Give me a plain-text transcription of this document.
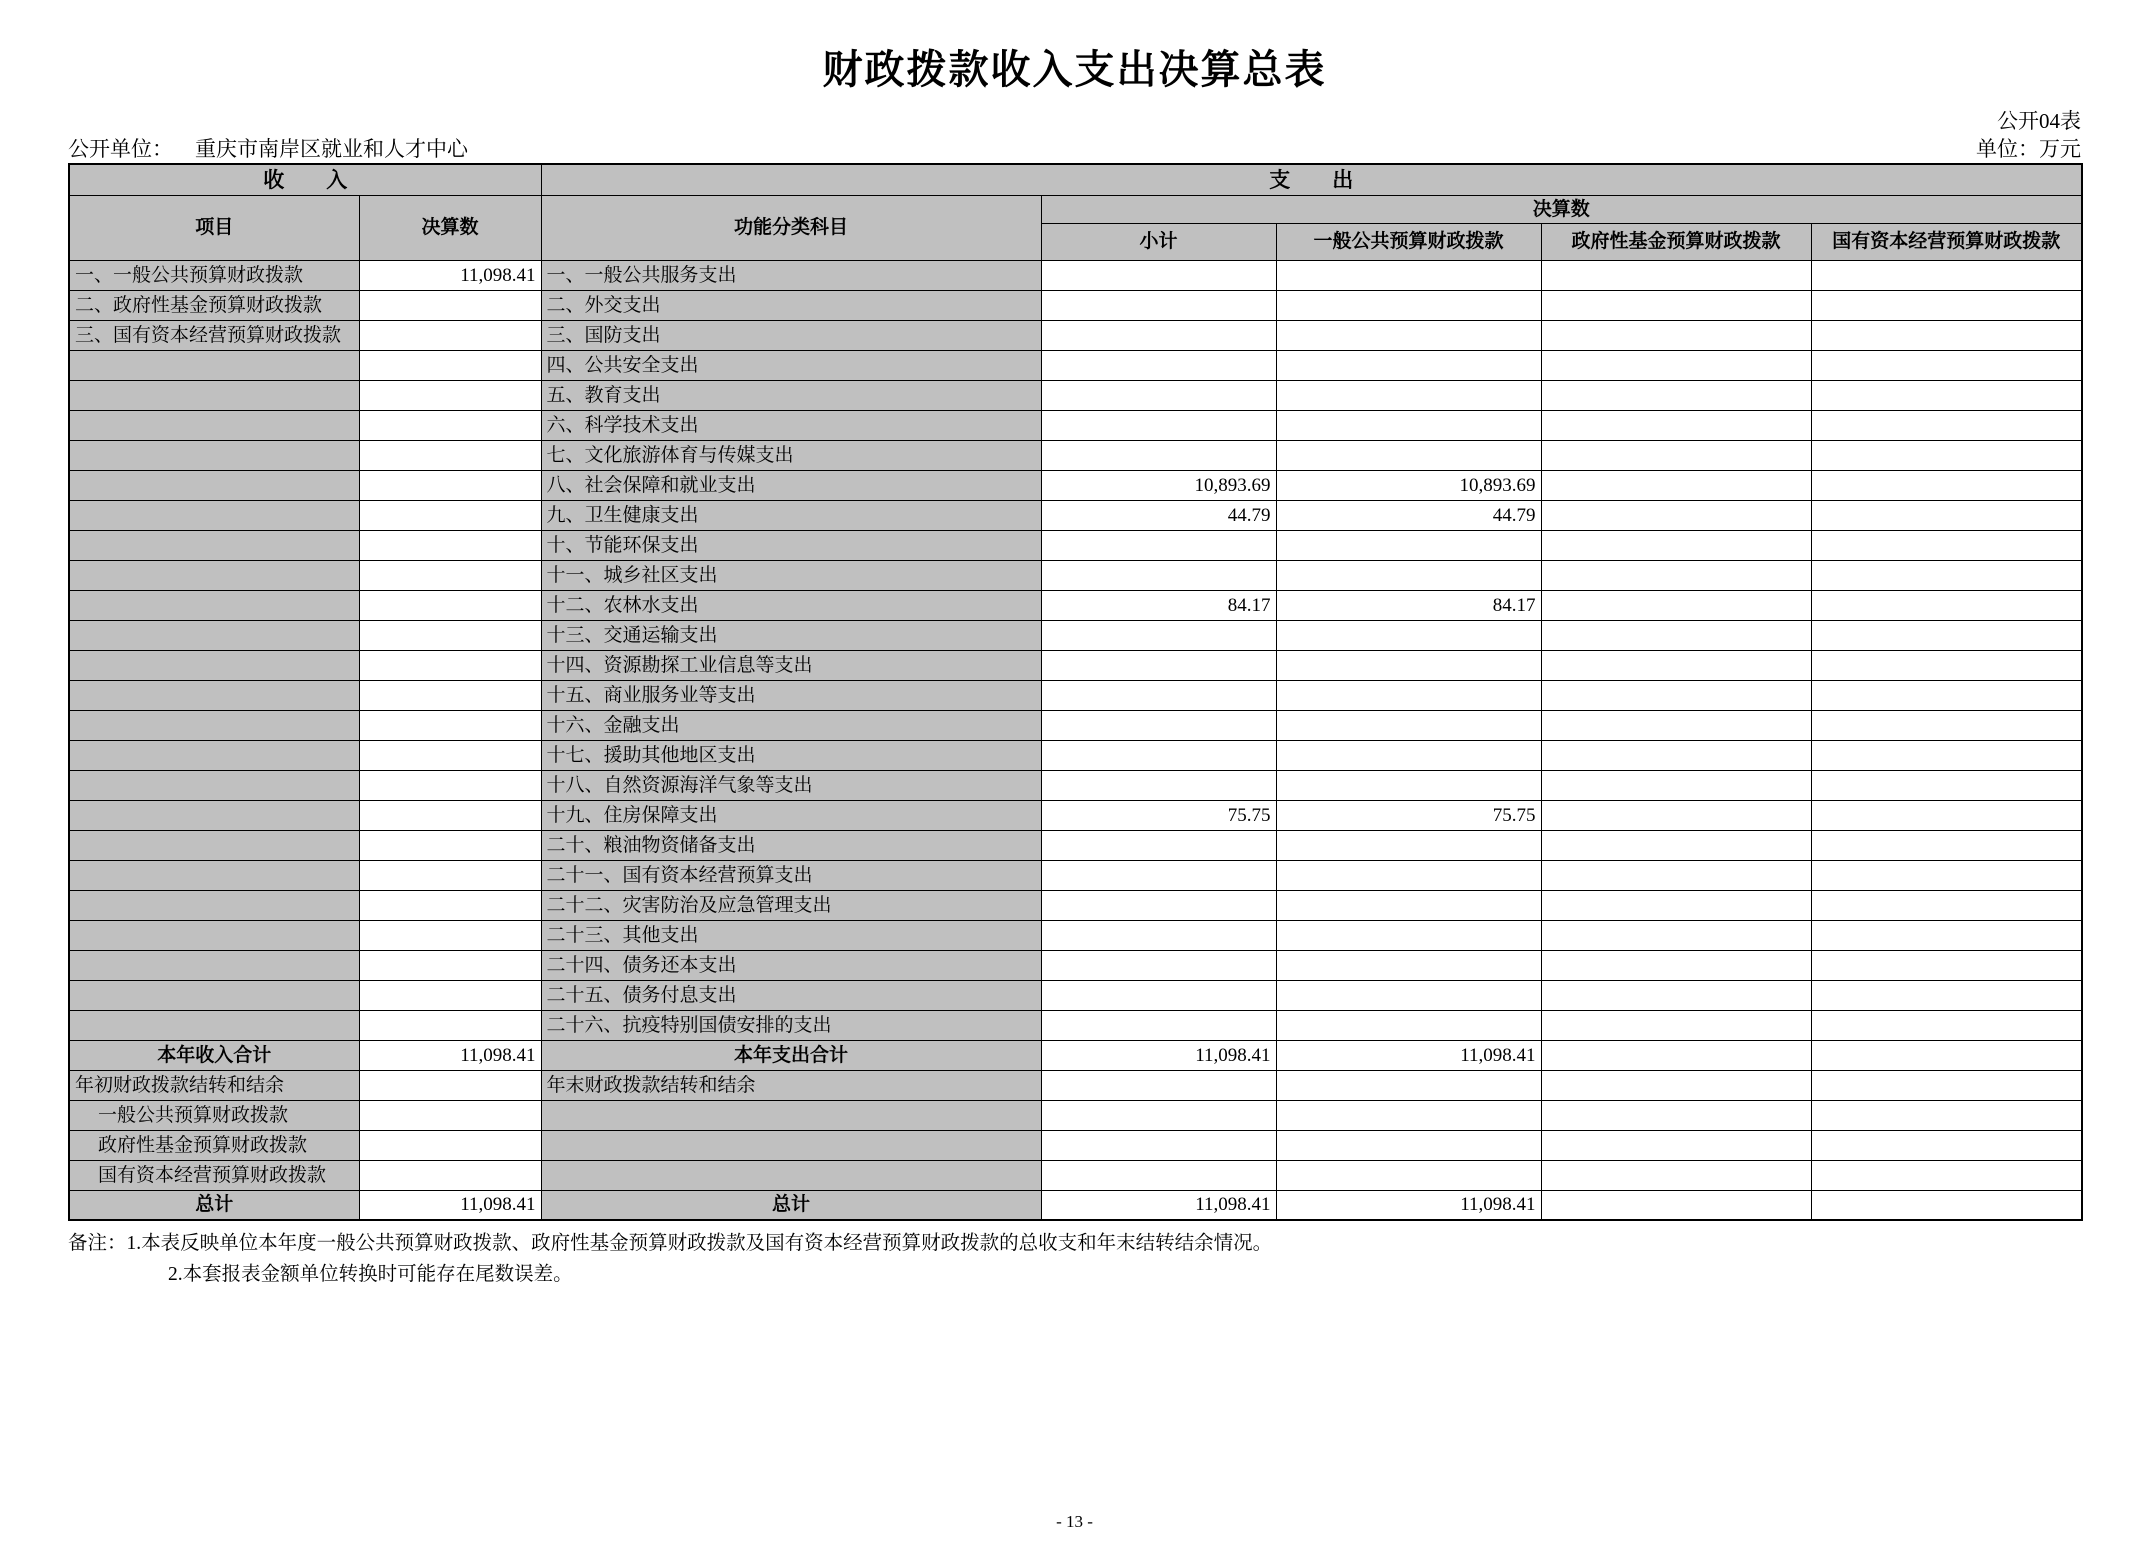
财政拨款收入支出决算总表
公开04表
公开单位： 重庆市南岸区就业和人才中心	单位：万元
收　　入		支　　出				
项目	决算数	功能分类科目	决算数			
			小计	一般公共预算财政拨款	政府性基金预算财政拨款	国有资本经营预算财政拨款
一、一般公共预算财政拨款	11,098.41	一、一般公共服务支出				
二、政府性基金预算财政拨款		二、外交支出				
三、国有资本经营预算财政拨款		三、国防支出				
		四、公共安全支出				
		五、教育支出				
		六、科学技术支出				
		七、文化旅游体育与传媒支出				
		八、社会保障和就业支出	10,893.69	10,893.69		
		九、卫生健康支出	44.79	44.79		
		十、节能环保支出				
		十一、城乡社区支出				
		十二、农林水支出	84.17	84.17		
		十三、交通运输支出				
		十四、资源勘探工业信息等支出				
		十五、商业服务业等支出				
		十六、金融支出				
		十七、援助其他地区支出				
		十八、自然资源海洋气象等支出				
		十九、住房保障支出	75.75	75.75		
		二十、粮油物资储备支出				
		二十一、国有资本经营预算支出				
		二十二、灾害防治及应急管理支出				
		二十三、其他支出				
		二十四、债务还本支出				
		二十五、债务付息支出				
		二十六、抗疫特别国债安排的支出				
本年收入合计	11,098.41	本年支出合计	11,098.41	11,098.41		
年初财政拨款结转和结余		年末财政拨款结转和结余				
一般公共预算财政拨款						
政府性基金预算财政拨款						
国有资本经营预算财政拨款						
总计	11,098.41	总计	11,098.41	11,098.41		
备注：1.本表反映单位本年度一般公共预算财政拨款、政府性基金预算财政拨款及国有资本经营预算财政拨款的总收支和年末结转结余情况。
2.本套报表金额单位转换时可能存在尾数误差。
- 13 -
